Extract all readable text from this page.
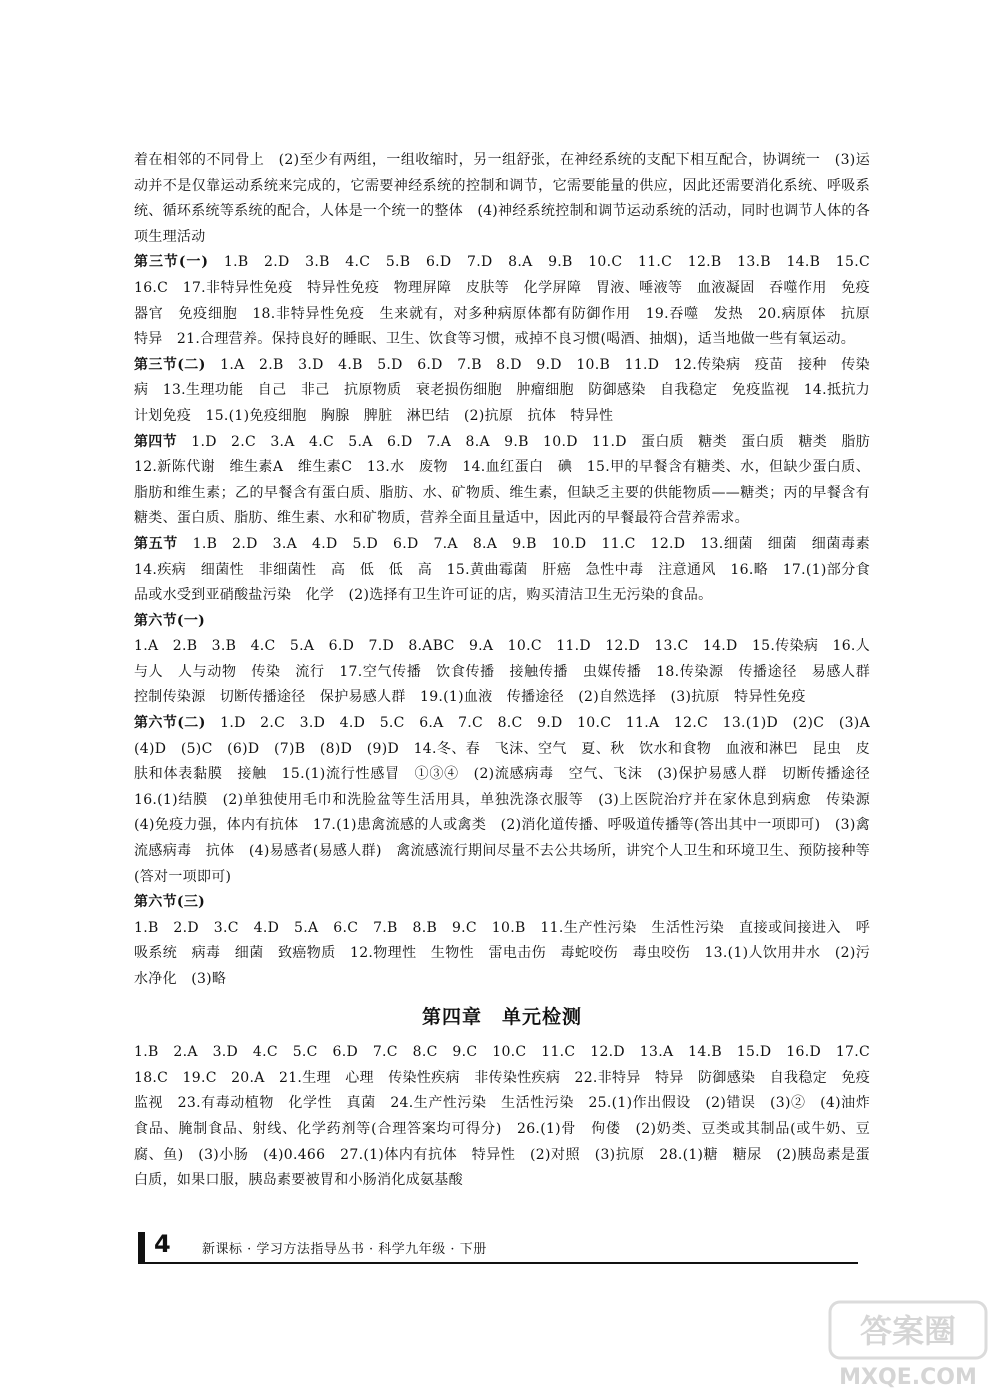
着在相邻的不同骨上　(2)至少有两组，一组收缩时，另一组舒张，在神经系统的支配下相互配合，协调统一　(3)运动并不是仅靠运动系统来完成的，它需要神经系统的控制和调节，它需要能量的供应，因此还需要消化系统、呼吸系统、循环系统等系统的配合，人体是一个统一的整体　(4)神经系统控制和调节运动系统的活动，同时也调节人体的各项生理活动

第三节(一)　1.B　2.D　3.B　4.C　5.B　6.D　7.D　8.A　9.B　10.C　11.C　12.B　13.B　14.B　15.C　16.C　17.非特异性免疫　特异性免疫　物理屏障　皮肤等　化学屏障　胃液、唾液等　血液凝固　吞噬作用　免疫器官　免疫细胞　18.非特异性免疫　生来就有，对多种病原体都有防御作用　19.吞噬　发热　20.病原体　抗原　特异　21.合理营养。保持良好的睡眠、卫生、饮食等习惯，戒掉不良习惯(喝酒、抽烟)，适当地做一些有氧运动。

第三节(二)　1.A　2.B　3.D　4.B　5.D　6.D　7.B　8.D　9.D　10.B　11.D　12.传染病　疫苗　接种　传染病　13.生理功能　自己　非己　抗原物质　衰老损伤细胞　肿瘤细胞　防御感染　自我稳定　免疫监视　14.抵抗力　计划免疫　15.(1)免疫细胞　胸腺　脾脏　淋巴结　(2)抗原　抗体　特异性

第四节　1.D　2.C　3.A　4.C　5.A　6.D　7.A　8.A　9.B　10.D　11.D　蛋白质　糖类　蛋白质　糖类　脂肪　12.新陈代谢　维生素A　维生素C　13.水　废物　14.血红蛋白　碘　15.甲的早餐含有糖类、水，但缺少蛋白质、脂肪和维生素；乙的早餐含有蛋白质、脂肪、水、矿物质、维生素，但缺乏主要的供能物质——糖类；丙的早餐含有糖类、蛋白质、脂肪、维生素、水和矿物质，营养全面且量适中，因此丙的早餐最符合营养需求。

第五节　1.B　2.D　3.A　4.D　5.D　6.D　7.A　8.A　9.B　10.D　11.C　12.D　13.细菌　细菌　细菌毒素　14.疾病　细菌性　非细菌性　高　低　低　高　15.黄曲霉菌　肝癌　急性中毒　注意通风　16.略　17.(1)部分食品或水受到亚硝酸盐污染　化学　(2)选择有卫生许可证的店，购买清洁卫生无污染的食品。

第六节(一)

1.A　2.B　3.B　4.C　5.A　6.D　7.D　8.ABC　9.A　10.C　11.D　12.D　13.C　14.D　15.传染病　16.人与人　人与动物　传染　流行　17.空气传播　饮食传播　接触传播　虫媒传播　18.传染源　传播途径　易感人群　控制传染源　切断传播途径　保护易感人群　19.(1)血液　传播途径　(2)自然选择　(3)抗原　特异性免疫

第六节(二)　1.D　2.C　3.D　4.D　5.C　6.A　7.C　8.C　9.D　10.C　11.A　12.C　13.(1)D　(2)C　(3)A　(4)D　(5)C　(6)D　(7)B　(8)D　(9)D　14.冬、春　飞沫、空气　夏、秋　饮水和食物　血液和淋巴　昆虫　皮肤和体表黏膜　接触　15.(1)流行性感冒　①③④　(2)流感病毒　空气、飞沫　(3)保护易感人群　切断传播途径　16.(1)结膜　(2)单独使用毛巾和洗脸盆等生活用具，单独洗涤衣服等　(3)上医院治疗并在家休息到病愈　传染源　(4)免疫力强，体内有抗体　17.(1)患禽流感的人或禽类　(2)消化道传播、呼吸道传播等(答出其中一项即可)　(3)禽流感病毒　抗体　(4)易感者(易感人群)　禽流感流行期间尽量不去公共场所，讲究个人卫生和环境卫生、预防接种等(答对一项即可)

第六节(三)

1.B　2.D　3.C　4.D　5.A　6.C　7.B　8.B　9.C　10.B　11.生产性污染　生活性污染　直接或间接进入　呼吸系统　病毒　细菌　致癌物质　12.物理性　生物性　雷电击伤　毒蛇咬伤　毒虫咬伤　13.(1)人饮用井水　(2)污水净化　(3)略

第四章　单元检测

1.B　2.A　3.D　4.C　5.C　6.D　7.C　8.C　9.C　10.C　11.C　12.D　13.A　14.B　15.D　16.D　17.C　18.C　19.C　20.A　21.生理　心理　传染性疾病　非传染性疾病　22.非特异　特异　防御感染　自我稳定　免疫监视　23.有毒动植物　化学性　真菌　24.生产性污染　生活性污染　25.(1)作出假设　(2)错误　(3)②　(4)油炸食品、腌制食品、射线、化学药剂等(合理答案均可得分)　26.(1)骨　佝偻　(2)奶类、豆类或其制品(或牛奶、豆腐、鱼)　(3)小肠　(4)0.466　27.(1)体内有抗体　特异性　(2)对照　(3)抗原　28.(1)糖　糖尿　(2)胰岛素是蛋白质，如果口服，胰岛素要被胃和小肠消化成氨基酸

4 新课标 · 学习方法指导丛书 · 科学九年级 · 下册
答案圈
MXQE.COM
